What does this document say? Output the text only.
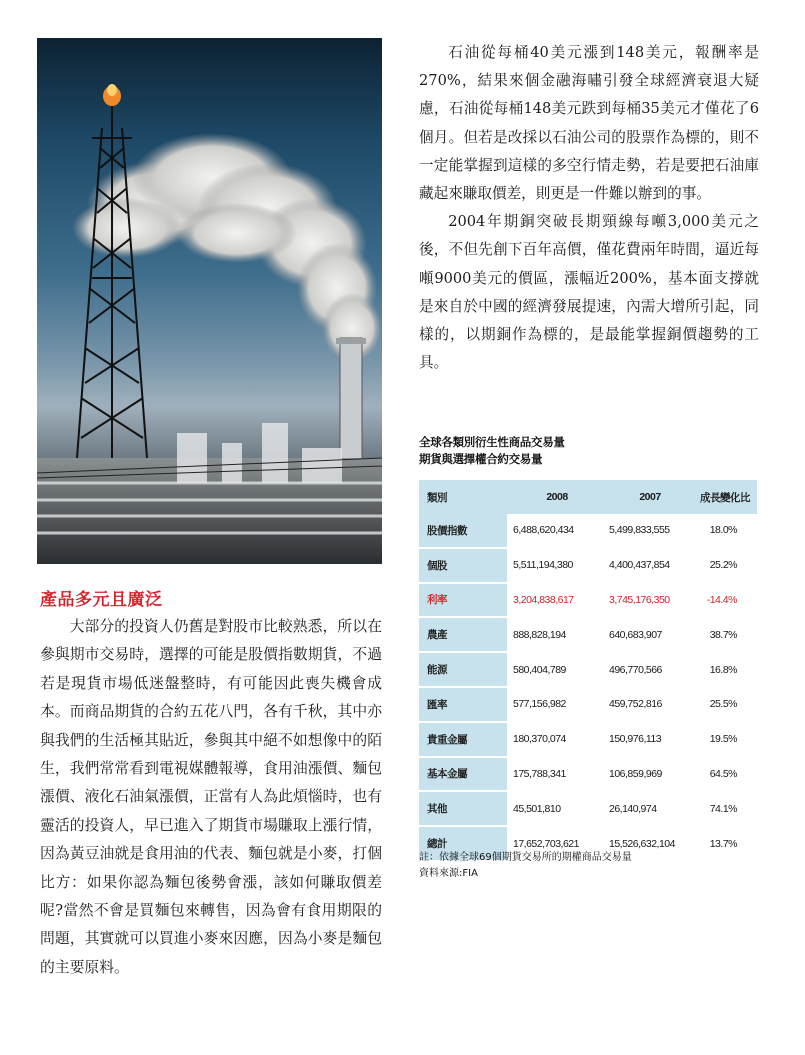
石油從每桶40美元漲到148美元，報酬率是270%，結果來個金融海嘯引發全球經濟衰退大疑慮，石油從每桶148美元跌到每桶35美元才僅花了6個月。但若是改採以石油公司的股票作為標的，則不一定能掌握到這樣的多空行情走勢，若是要把石油庫藏起來賺取價差，則更是一件難以辦到的事。

2004年期銅突破長期頸線每噸3,000美元之後，不但先創下百年高價，僅花費兩年時間，逼近每噸9000美元的價區，漲幅近200%，基本面支撐就是來自於中國的經濟發展提速，內需大增所引起，同樣的，以期銅作為標的，是最能掌握銅價趨勢的工具。

產品多元且廣泛

大部分的投資人仍舊是對股市比較熟悉，所以在參與期市交易時，選擇的可能是股價指數期貨，不過若是現貨市場低迷盤整時，有可能因此喪失機會成本。而商品期貨的合約五花八門，各有千秋，其中亦與我們的生活極其貼近，參與其中絕不如想像中的陌生，我們常常看到電視媒體報導，食用油漲價、麵包漲價、液化石油氣漲價，正當有人為此煩惱時，也有靈活的投資人，早已進入了期貨市場賺取上漲行情，因為黃豆油就是食用油的代表、麵包就是小麥，打個比方：如果你認為麵包後勢會漲，該如何賺取價差呢?當然不會是買麵包來轉售，因為會有食用期限的問題，其實就可以買進小麥來因應，因為小麥是麵包的主要原料。

全球各類別衍生性商品交易量
期貨與選擇權合約交易量
類別	2008	2007	成長變化比
股價指數	6,488,620,434	5,499,833,555	18.0%
個股	5,511,194,380	4,400,437,854	25.2%
利率	3,204,838,617	3,745,176,350	-14.4%
農產	888,828,194	640,683,907	38.7%
能源	580,404,789	496,770,566	16.8%
匯率	577,156,982	459,752,816	25.5%
貴重金屬	180,370,074	150,976,113	19.5%
基本金屬	175,788,341	106,859,969	64.5%
其他	45,501,810	26,140,974	74.1%
總計	17,652,703,621	15,526,632,104	13.7%
註：依據全球69個期貨交易所的期權商品交易量
資料來源:FIA
